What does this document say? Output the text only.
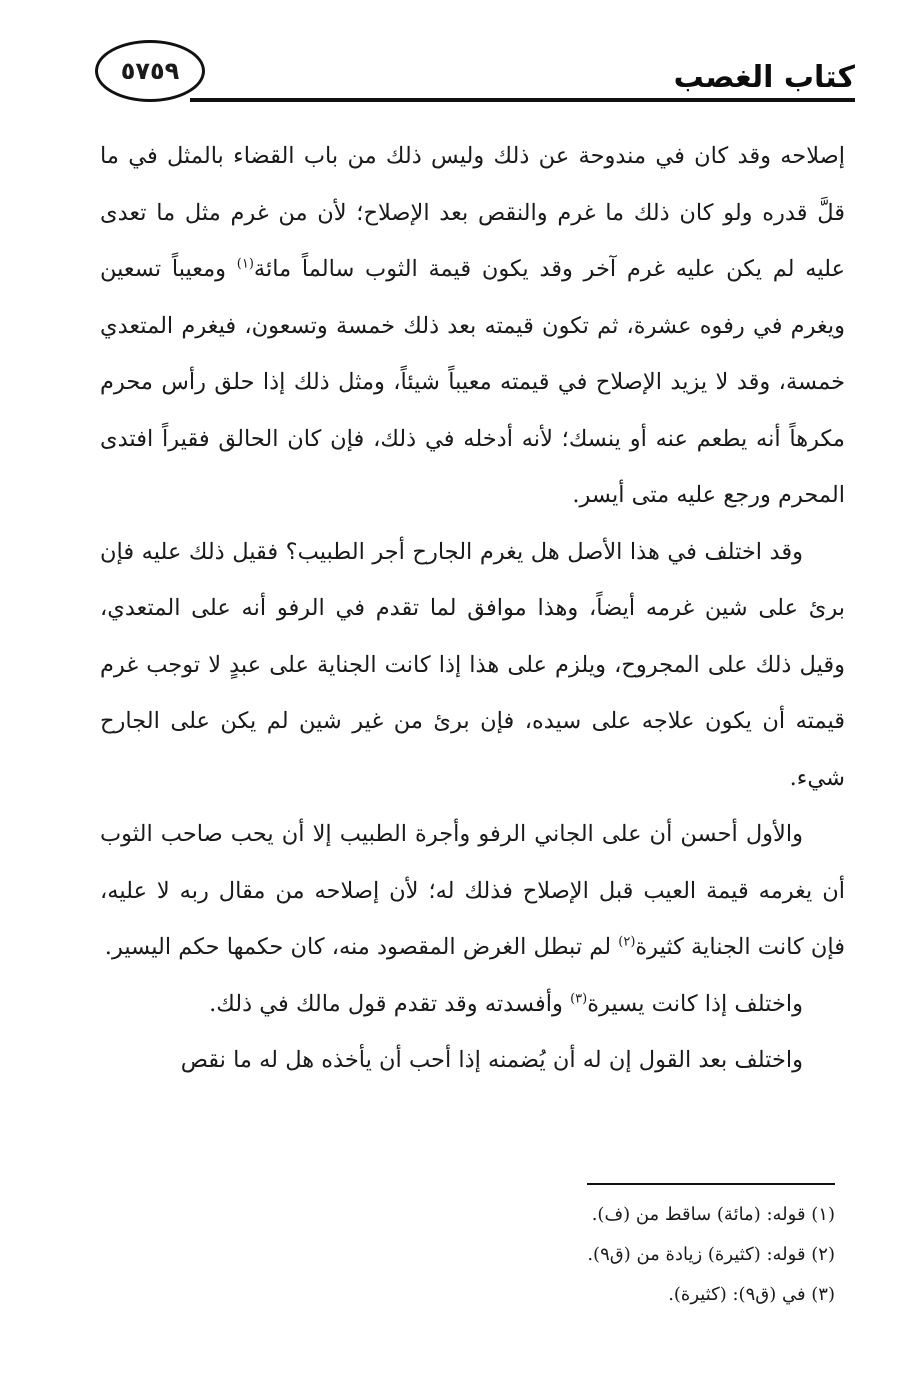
كتاب الغصب
٥٧٥٩

إصلاحه وقد كان في مندوحة عن ذلك وليس ذلك من باب القضاء بالمثل في ما قلَّ قدره ولو كان ذلك ما غرم والنقص بعد الإصلاح؛ لأن من غرم مثل ما تعدى عليه لم يكن عليه غرم آخر وقد يكون قيمة الثوب سالماً مائة$^{(١)}$ ومعيباً تسعين ويغرم في رفوه عشرة، ثم تكون قيمته بعد ذلك خمسة وتسعون، فيغرم المتعدي خمسة، وقد لا يزيد الإصلاح في قيمته معيباً شيئاً، ومثل ذلك إذا حلق رأس محرم مكرهاً أنه يطعم عنه أو ينسك؛ لأنه أدخله في ذلك، فإن كان الحالق فقيراً افتدى المحرم ورجع عليه متى أيسر.

وقد اختلف في هذا الأصل هل يغرم الجارح أجر الطبيب؟ فقيل ذلك عليه فإن برئ على شين غرمه أيضاً، وهذا موافق لما تقدم في الرفو أنه على المتعدي، وقيل ذلك على المجروح، ويلزم على هذا إذا كانت الجناية على عبدٍ لا توجب غرم قيمته أن يكون علاجه على سيده، فإن برئ من غير شين لم يكن على الجارح شيء.

والأول أحسن أن على الجاني الرفو وأجرة الطبيب إلا أن يحب صاحب الثوب أن يغرمه قيمة العيب قبل الإصلاح فذلك له؛ لأن إصلاحه من مقال ربه لا عليه، فإن كانت الجناية كثيرة$^{(٢)}$ لم تبطل الغرض المقصود منه، كان حكمها حكم اليسير.

واختلف إذا كانت يسيرة$^{(٣)}$ وأفسدته وقد تقدم قول مالك في ذلك.

واختلف بعد القول إن له أن يُضمنه إذا أحب أن يأخذه هل له ما نقص

(١) قوله: (مائة) ساقط من (ف).

(٢) قوله: (كثيرة) زيادة من (ق٩).

(٣) في (ق٩): (كثيرة).
